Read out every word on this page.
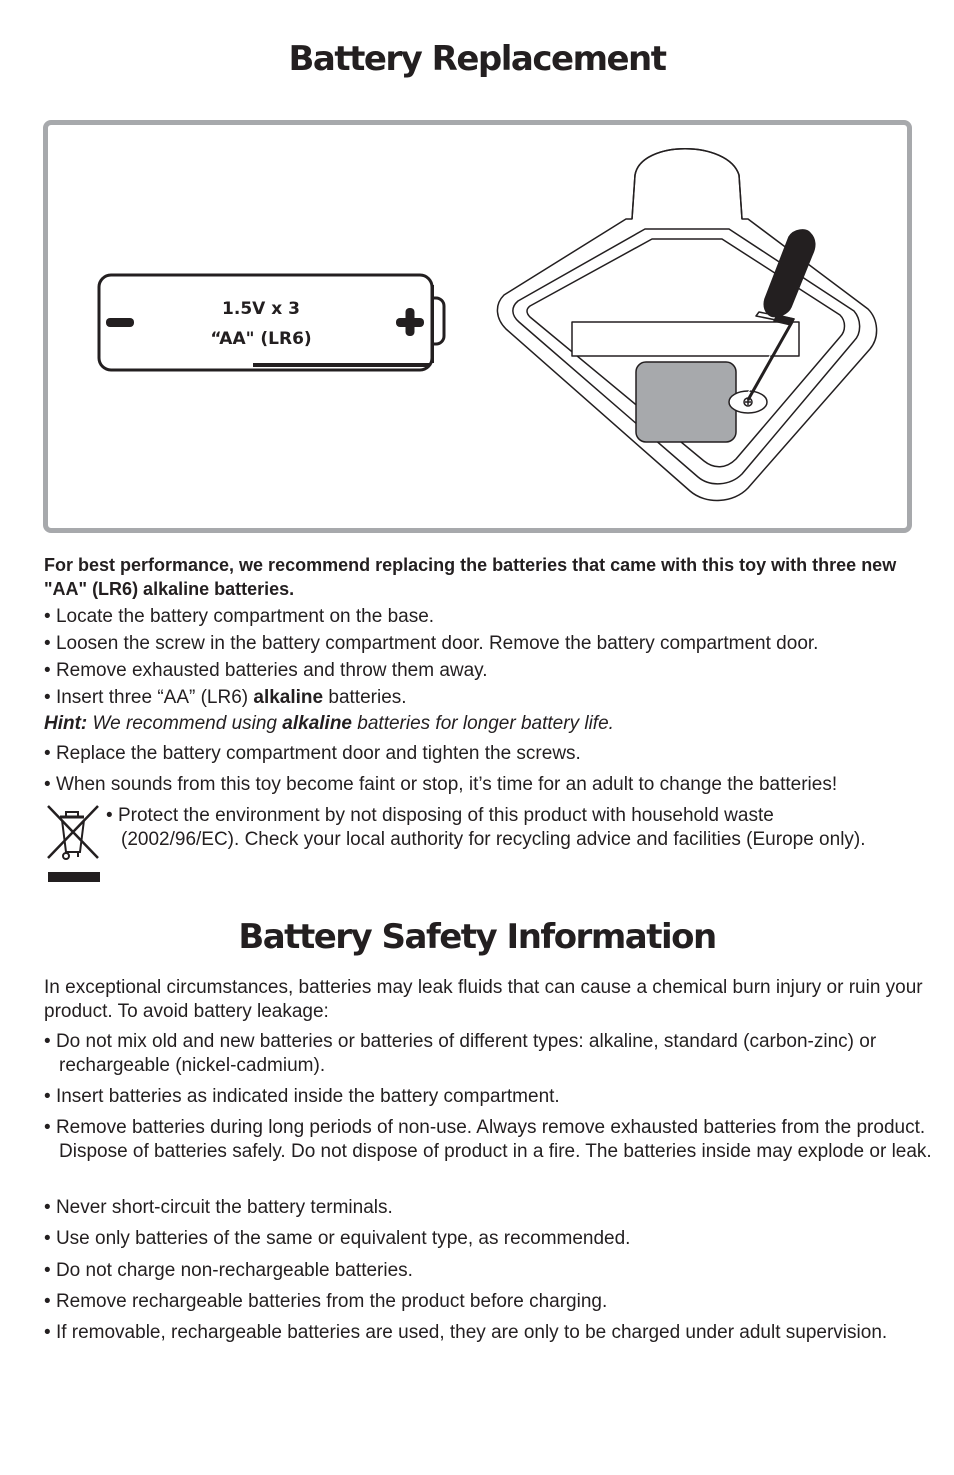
Battery Replacement
1.5V x 3
“AA" (LR6)
For best performance, we recommend replacing the batteries that came with this toy with three new "AA" (LR6) alkaline batteries.
• Locate the battery compartment on the base.
• Loosen the screw in the battery compartment door. Remove the battery compartment door.
• Remove exhausted batteries and throw them away.
• Insert three “AA” (LR6) alkaline batteries.
Hint: We recommend using alkaline batteries for longer battery life.
• Replace the battery compartment door and tighten the screws.
• When sounds from this toy become faint or stop, it’s time for an adult to change the batteries!
• Protect the environment by not disposing of this product with household waste
(2002/96/EC). Check your local authority for recycling advice and facilities (Europe only).
Battery Safety Information
In exceptional circumstances, batteries may leak fluids that can cause a chemical burn injury or ruin your product. To avoid battery leakage:
• Do not mix old and new batteries or batteries of different types: alkaline, standard (carbon-zinc) or rechargeable (nickel-cadmium).
• Insert batteries as indicated inside the battery compartment.
• Remove batteries during long periods of non-use. Always remove exhausted batteries from the product. Dispose of batteries safely. Do not dispose of product in a fire. The batteries inside may explode or leak.
• Never short-circuit the battery terminals.
• Use only batteries of the same or equivalent type, as recommended.
• Do not charge non-rechargeable batteries.
• Remove rechargeable batteries from the product before charging.
• If removable, rechargeable batteries are used, they are only to be charged under adult supervision.
